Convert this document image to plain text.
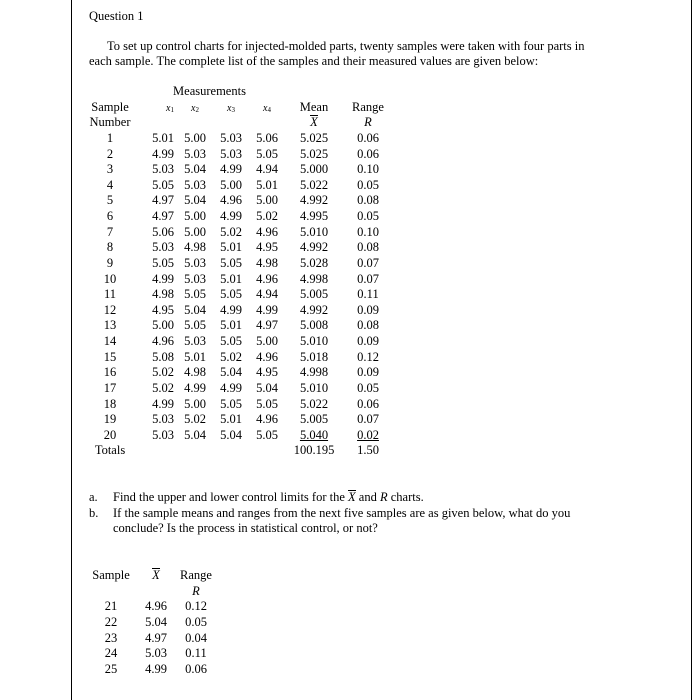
Question 1
To set up control charts for injected-molded parts, twenty samples were taken with four parts in each sample. The complete list of the samples and their measured values are given below:
	Measurements					
Sample	x1	x2	x3	x4	Mean	Range
Number					X	R
1	5.01	5.00	5.03	5.06	5.025	0.06
2	4.99	5.03	5.03	5.05	5.025	0.06
3	5.03	5.04	4.99	4.94	5.000	0.10
4	5.05	5.03	5.00	5.01	5.022	0.05
5	4.97	5.04	4.96	5.00	4.992	0.08
6	4.97	5.00	4.99	5.02	4.995	0.05
7	5.06	5.00	5.02	4.96	5.010	0.10
8	5.03	4.98	5.01	4.95	4.992	0.08
9	5.05	5.03	5.05	4.98	5.028	0.07
10	4.99	5.03	5.01	4.96	4.998	0.07
11	4.98	5.05	5.05	4.94	5.005	0.11
12	4.95	5.04	4.99	4.99	4.992	0.09
13	5.00	5.05	5.01	4.97	5.008	0.08
14	4.96	5.03	5.05	5.00	5.010	0.09
15	5.08	5.01	5.02	4.96	5.018	0.12
16	5.02	4.98	5.04	4.95	4.998	0.09
17	5.02	4.99	4.99	5.04	5.010	0.05
18	4.99	5.00	5.05	5.05	5.022	0.06
19	5.03	5.02	5.01	4.96	5.005	0.07
20	5.03	5.04	5.04	5.05	5.040	0.02
Totals					100.195	1.50
a.	Find the upper and lower control limits for the X and R charts.
b.	If the sample means and ranges from the next five samples are as given below, what do you conclude? Is the process in statistical control, or not?
Sample	X	Range
		R
21	4.96	0.12
22	5.04	0.05
23	4.97	0.04
24	5.03	0.11
25	4.99	0.06
